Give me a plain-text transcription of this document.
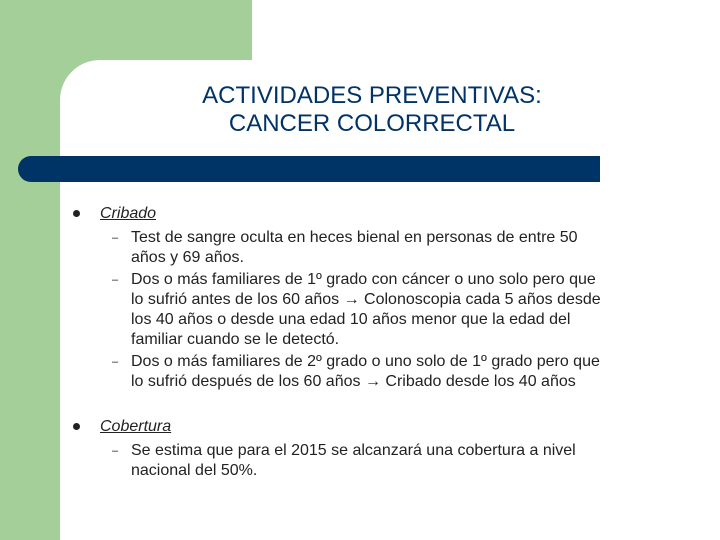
ACTIVIDADES PREVENTIVAS:
CANCER COLORRECTAL
Cribado
– Test de sangre oculta en heces bienal en personas de entre 50
años y 69 años.
– Dos o más familiares de 1º grado con cáncer o uno solo pero que
lo sufrió antes de los 60 años → Colonoscopia cada 5 años desde
los 40 años o desde una edad 10 años menor que la edad del
familiar cuando se le detectó.
– Dos o más familiares de 2º grado o uno solo de 1º grado pero que
lo sufrió después de los 60 años → Cribado desde los 40 años
Cobertura
– Se estima que para el 2015 se alcanzará una cobertura a nivel
nacional del 50%.
